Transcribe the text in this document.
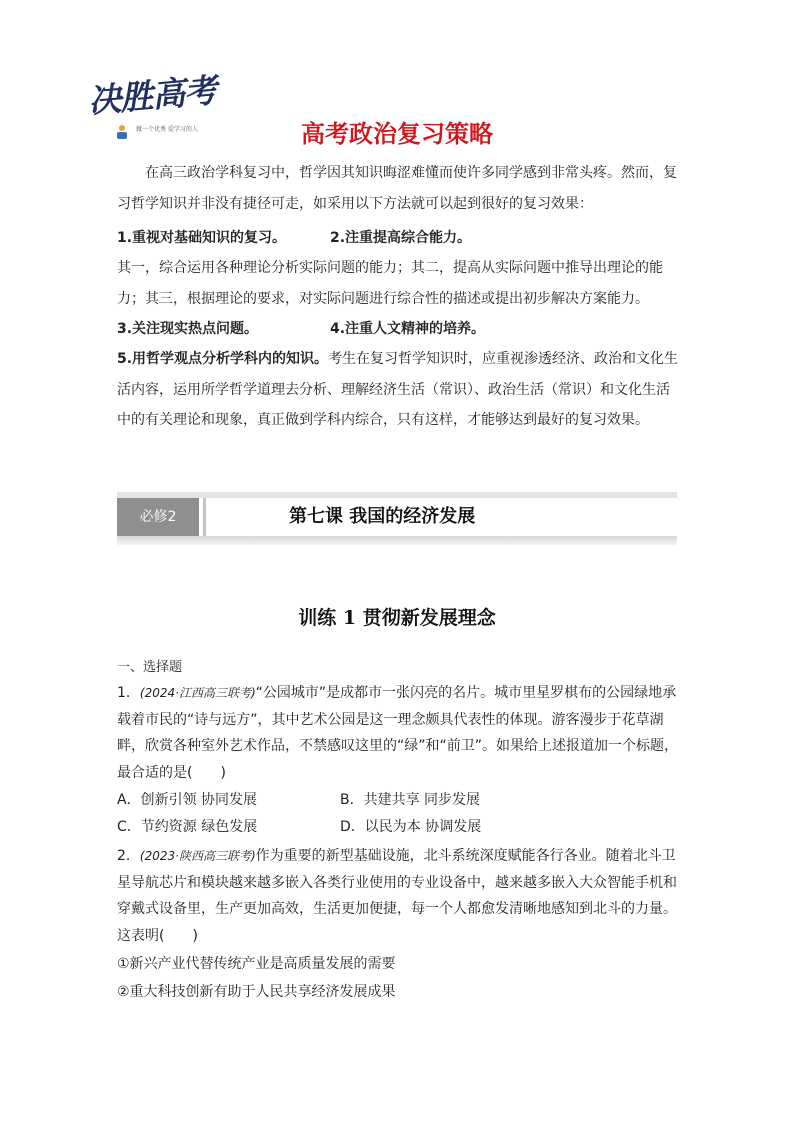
决胜高考
做一个优秀 爱学习的人	高考政治复习策略

在高三政治学科复习中，哲学因其知识晦涩难懂而使许多同学感到非常头疼。然而，复习哲学知识并非没有捷径可走，如采用以下方法就可以起到很好的复习效果：

1.重视对基础知识的复习。	2.注重提高综合能力。

其一，综合运用各种理论分析实际问题的能力；其二，提高从实际问题中推导出理论的能力；其三，根据理论的要求，对实际问题进行综合性的描述或提出初步解决方案能力。

3.关注现实热点问题。	4.注重人文精神的培养。

5.用哲学观点分析学科内的知识。考生在复习哲学知识时，应重视渗透经济、政治和文化生活内容，运用所学哲学道理去分析、理解经济生活（常识）、政治生活（常识）和文化生活中的有关理论和现象，真正做到学科内综合，只有这样，才能够达到最好的复习效果。

必修2	第七课 我国的经济发展
训练 1 贯彻新发展理念
一、选择题

1．(2024·江西高三联考)“公园城市”是成都市一张闪亮的名片。城市里星罗棋布的公园绿地承载着市民的“诗与远方”，其中艺术公园是这一理念颇具代表性的体现。游客漫步于花草湖畔，欣赏各种室外艺术作品，不禁感叹这里的“绿”和“前卫”。如果给上述报道加一个标题，最合适的是(　　)

A．创新引领 协同发展	B．共建共享 同步发展
C．节约资源 绿色发展	D．以民为本 协调发展

2．(2023·陕西高三联考)作为重要的新型基础设施，北斗系统深度赋能各行各业。随着北斗卫星导航芯片和模块越来越多嵌入各类行业使用的专业设备中，越来越多嵌入大众智能手机和穿戴式设备里，生产更加高效，生活更加便捷，每一个人都愈发清晰地感知到北斗的力量。这表明(　　)

①新兴产业代替传统产业是高质量发展的需要
②重大科技创新有助于人民共享经济发展成果
